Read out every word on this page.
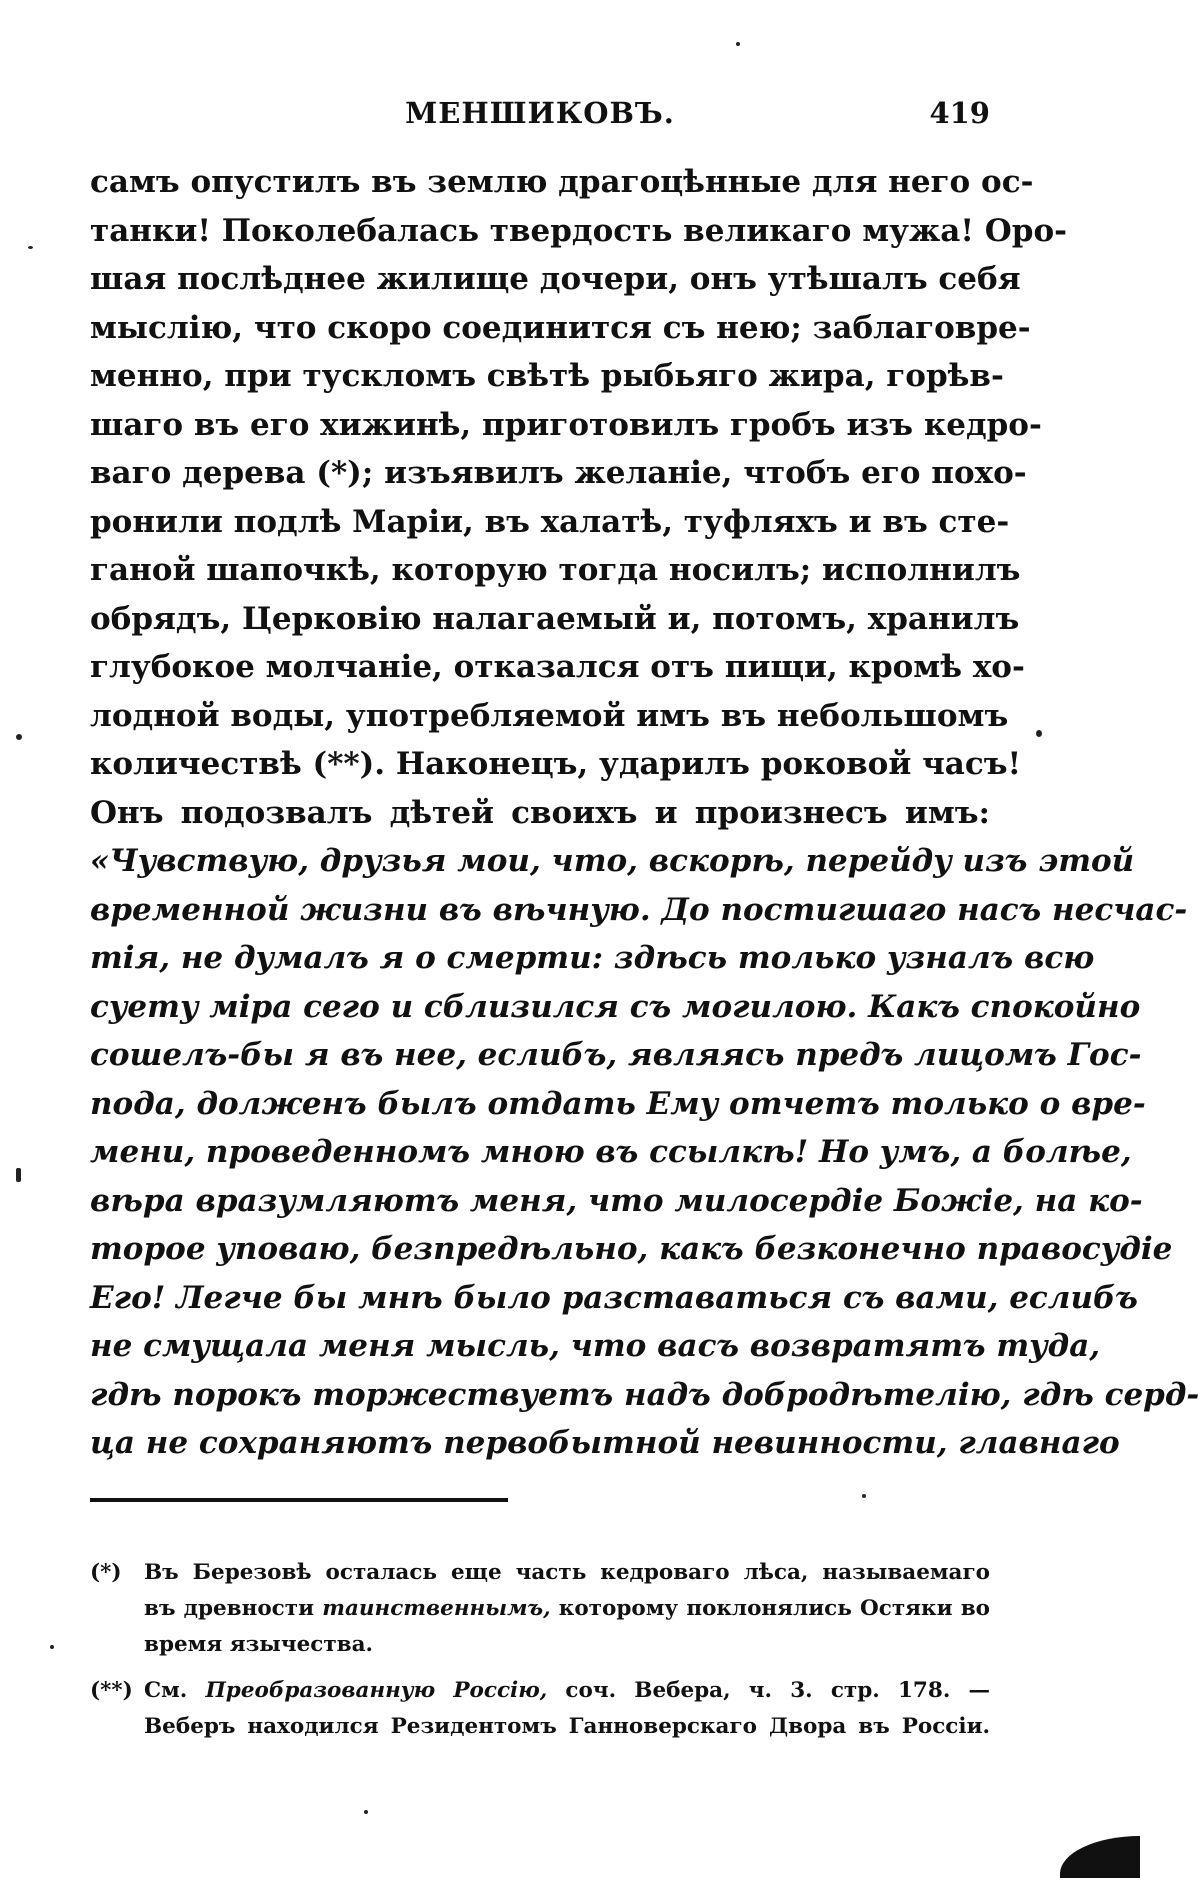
МЕНШИКОВЪ.	419
самъ опустилъ въ землю драгоцѣнные для него ос-
танки! Поколебалась твердость великаго мужа! Оро-
шая послѣднее жилище дочери, онъ утѣшалъ себя
мыслію, что скоро соединится съ нею; заблаговре-
менно, при тускломъ свѣтѣ рыбьяго жира, горѣв-
шаго въ его хижинѣ, приготовилъ гробъ изъ кедро-
ваго дерева (*); изъявилъ желаніе, чтобъ его похо-
ронили подлѣ Маріи, въ халатѣ, туфляхъ и въ сте-
ганой шапочкѣ, которую тогда носилъ; исполнилъ
обрядъ, Церковію налагаемый и, потомъ, хранилъ
глубокое молчаніе, отказался отъ пищи, кромѣ хо-
лодной воды, употребляемой имъ въ небольшомъ
количествѣ (**). Наконецъ, ударилъ роковой часъ!
Онъ подозвалъ дѣтей своихъ и произнесъ имъ:
«Чувствую, друзья мои, что, вскорѣ, перейду изъ этой
временной жизни въ вѣчную. До постигшаго насъ несчас-
тія, не думалъ я о смерти: здѣсь только узналъ всю
суету міра сего и сблизился съ могилою. Какъ спокойно
сошелъ-бы я въ нее, еслибъ, являясь предъ лицомъ Гос-
пода, долженъ былъ отдать Ему отчетъ только о вре-
мени, проведенномъ мною въ ссылкѣ! Но умъ, а болѣе,
вѣра вразумляютъ меня, что милосердіе Божіе, на ко-
торое уповаю, безпредѣльно, какъ безконечно правосудіе
Его! Легче бы мнѣ было разставаться съ вами, еслибъ
не смущала меня мысль, что васъ возвратятъ туда,
гдѣ порокъ торжествуетъ надъ добродѣтелію, гдѣ серд-
ца не сохраняютъ первобытной невинности, главнаго
(*) Въ Березовѣ осталась еще часть кедроваго лѣса, называемаго
въ древности таинственнымъ, которому поклонялись Остяки во
время язычества.
(**) См. Преобразованную Россію, соч. Вебера, ч. 3. стр. 178. —
Веберъ находился Резидентомъ Ганноверскаго Двора въ Россіи.
